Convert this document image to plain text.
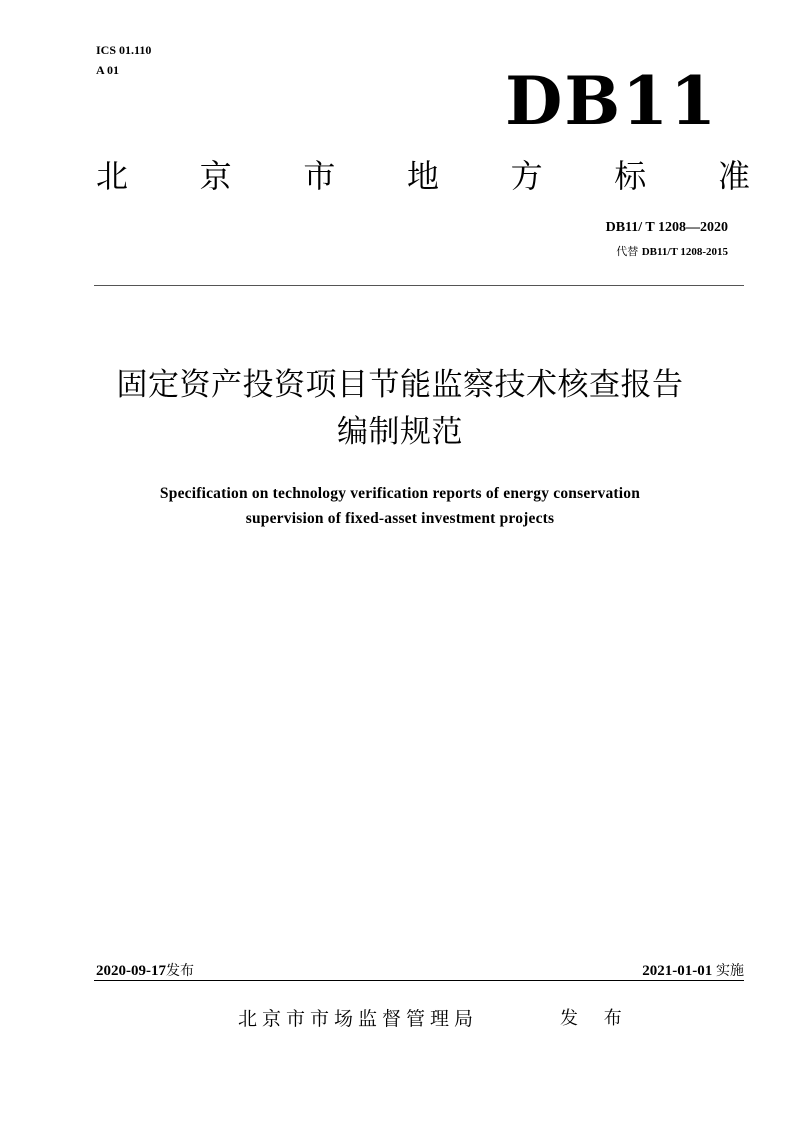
ICS 01.110
A 01	DB11
北 京 市 地 方 标 准
DB11/ T 1208—2020
代替 DB11/T 1208-2015
固定资产投资项目节能监察技术核查报告
编制规范
Specification on technology verification reports of energy conservation
supervision of fixed-asset investment projects
2020-09-17发布	2021-01-01 实施
北京市市场监督管理局	发 布
